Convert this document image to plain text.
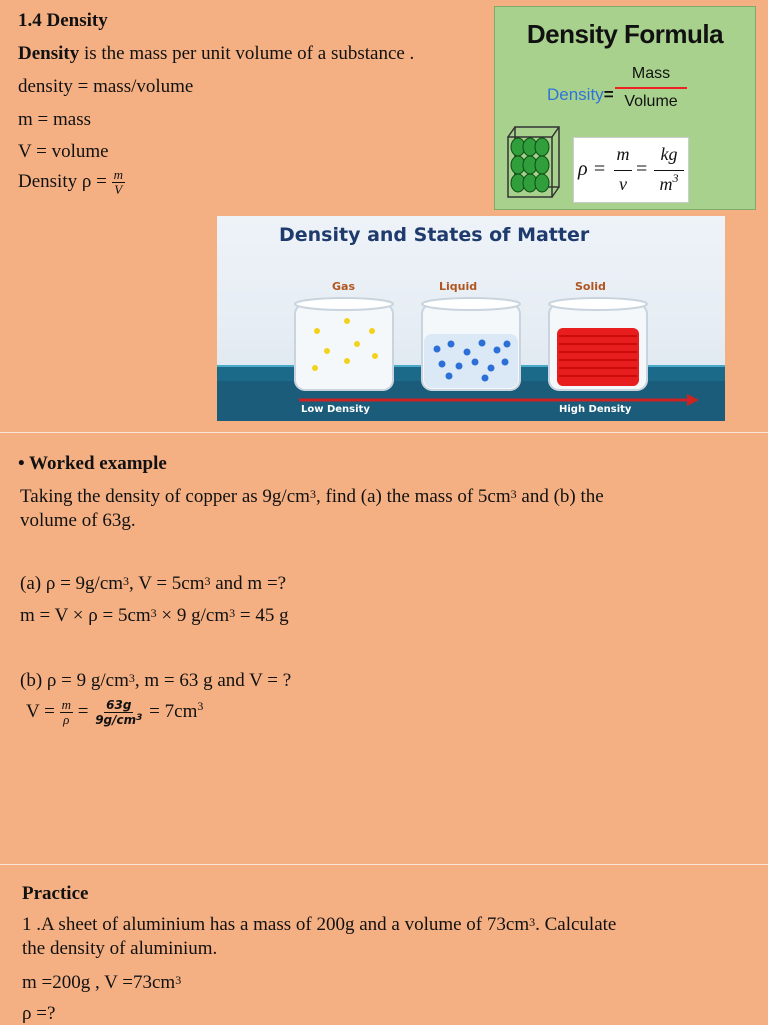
1.4 Density
Density is the mass per unit volume of a substance .
density = mass/volume
m = mass
V = volume
Density $\rho = \frac{m}{V}$
Density Formula
Density=
Mass
Volume
ρ =
m
v
=
kg
$m^3$
Density and States of Matter
Gas	Liquid	Solid
Low Density	High Density
• Worked example
Taking the density of copper as $9g/cm^3$, find (a) the mass of $5cm^3$ and (b) the
volume of 63g.
(a) $\rho = 9g/cm^3$, $V = 5cm^3$ and m =?
$m = V \times \rho = 5cm^3 \times 9$ $g/cm^3 = 45$ g
(b) ρ = 9 $g/cm^3$, m = 63 g and V = ?
$V = \frac{m}{\rho} = \frac{63g}{9g/cm^3} = 7cm^3$
Practice
1 .A sheet of aluminium has a mass of 200g and a volume of $73cm^3$. Calculate
the density of aluminium.
m =200g , $V =73cm^3$
ρ =?
